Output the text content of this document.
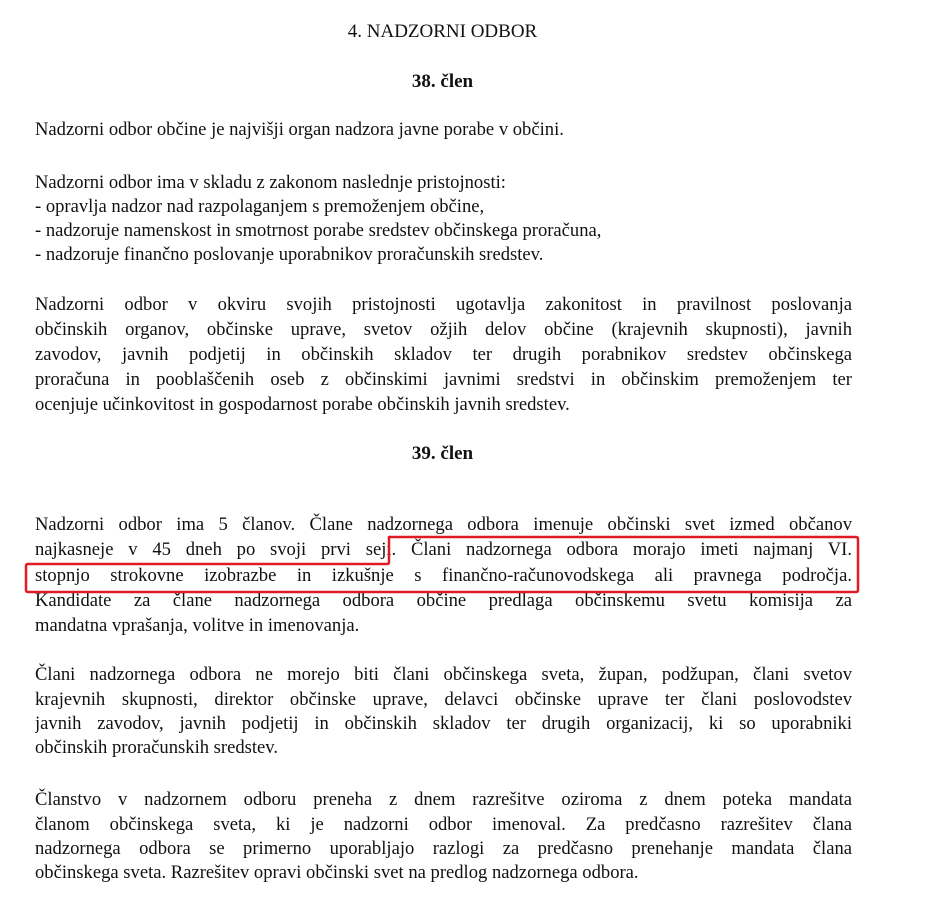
4. NADZORNI ODBOR
38. člen

Nadzorni odbor občine je najvišji organ nadzora javne porabe v občini.

Nadzorni odbor ima v skladu z zakonom naslednje pristojnosti:

- opravlja nadzor nad razpolaganjem s premoženjem občine,

- nadzoruje namenskost in smotrnost porabe sredstev občinskega proračuna,

- nadzoruje finančno poslovanje uporabnikov proračunskih sredstev.

Nadzorni odbor v okviru svojih pristojnosti ugotavlja zakonitost in pravilnost poslovanja

občinskih organov, občinske uprave, svetov ožjih delov občine (krajevnih skupnosti), javnih

zavodov, javnih podjetij in občinskih skladov ter drugih porabnikov sredstev občinskega

proračuna in pooblaščenih oseb z občinskimi javnimi sredstvi in občinskim premoženjem ter

ocenjuje učinkovitost in gospodarnost porabe občinskih javnih sredstev.

39. člen

Nadzorni odbor ima 5 članov. Člane nadzornega odbora imenuje občinski svet izmed občanov

najkasneje v 45 dneh po svoji prvi seji. Člani nadzornega odbora morajo imeti najmanj VI.

stopnjo strokovne izobrazbe in izkušnje s finančno-računovodskega ali pravnega področja.

Kandidate za člane nadzornega odbora občine predlaga občinskemu svetu komisija za

mandatna vprašanja, volitve in imenovanja.

Člani nadzornega odbora ne morejo biti člani občinskega sveta, župan, podžupan, člani svetov

krajevnih skupnosti, direktor občinske uprave, delavci občinske uprave ter člani poslovodstev

javnih zavodov, javnih podjetij in občinskih skladov ter drugih organizacij, ki so uporabniki

občinskih proračunskih sredstev.

Članstvo v nadzornem odboru preneha z dnem razrešitve oziroma z dnem poteka mandata

članom občinskega sveta, ki je nadzorni odbor imenoval. Za predčasno razrešitev člana

nadzornega odbora se primerno uporabljajo razlogi za predčasno prenehanje mandata člana

občinskega sveta. Razrešitev opravi občinski svet na predlog nadzornega odbora.
